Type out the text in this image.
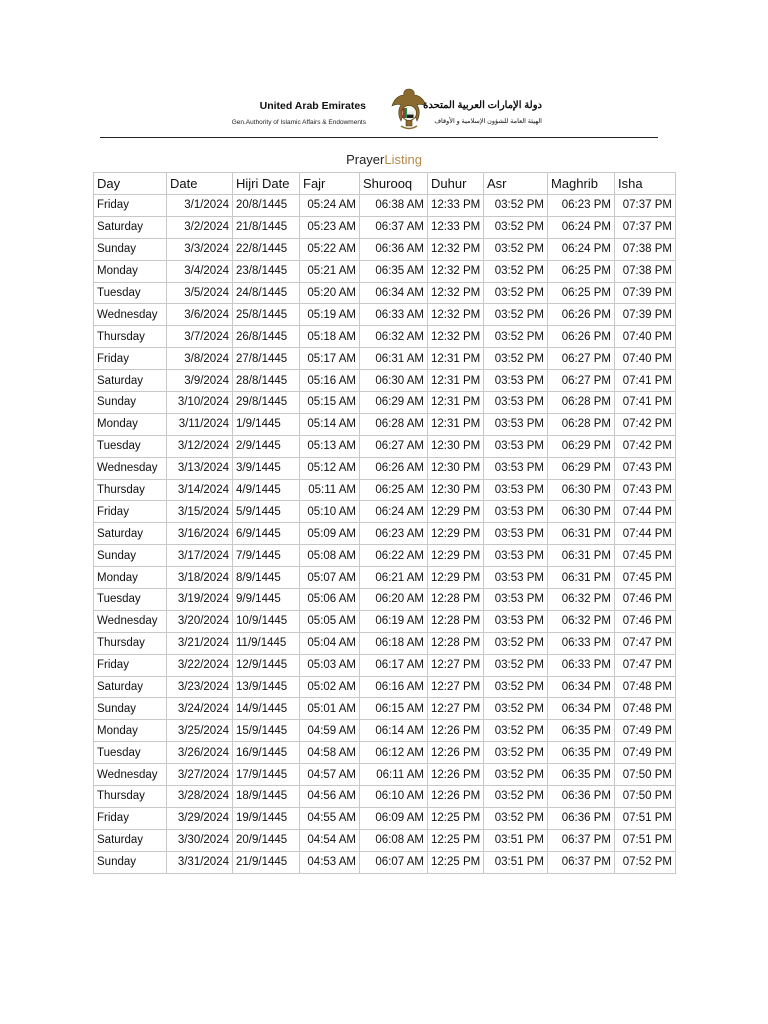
United Arab Emirates
Gen.Authority of Islamic Affairs & Endowments
دولة الإمارات العربية المتحدة
الهيئة العامة للشؤون الإسلامية و الأوقاف
PrayerListing
Day	Date	Hijri Date	Fajr	Shurooq	Duhur	Asr	Maghrib	Isha
Friday	3/1/2024	20/8/1445	05:24 AM	06:38 AM	12:33 PM	03:52 PM	06:23 PM	07:37 PM
Saturday	3/2/2024	21/8/1445	05:23 AM	06:37 AM	12:33 PM	03:52 PM	06:24 PM	07:37 PM
Sunday	3/3/2024	22/8/1445	05:22 AM	06:36 AM	12:32 PM	03:52 PM	06:24 PM	07:38 PM
Monday	3/4/2024	23/8/1445	05:21 AM	06:35 AM	12:32 PM	03:52 PM	06:25 PM	07:38 PM
Tuesday	3/5/2024	24/8/1445	05:20 AM	06:34 AM	12:32 PM	03:52 PM	06:25 PM	07:39 PM
Wednesday	3/6/2024	25/8/1445	05:19 AM	06:33 AM	12:32 PM	03:52 PM	06:26 PM	07:39 PM
Thursday	3/7/2024	26/8/1445	05:18 AM	06:32 AM	12:32 PM	03:52 PM	06:26 PM	07:40 PM
Friday	3/8/2024	27/8/1445	05:17 AM	06:31 AM	12:31 PM	03:52 PM	06:27 PM	07:40 PM
Saturday	3/9/2024	28/8/1445	05:16 AM	06:30 AM	12:31 PM	03:53 PM	06:27 PM	07:41 PM
Sunday	3/10/2024	29/8/1445	05:15 AM	06:29 AM	12:31 PM	03:53 PM	06:28 PM	07:41 PM
Monday	3/11/2024	1/9/1445	05:14 AM	06:28 AM	12:31 PM	03:53 PM	06:28 PM	07:42 PM
Tuesday	3/12/2024	2/9/1445	05:13 AM	06:27 AM	12:30 PM	03:53 PM	06:29 PM	07:42 PM
Wednesday	3/13/2024	3/9/1445	05:12 AM	06:26 AM	12:30 PM	03:53 PM	06:29 PM	07:43 PM
Thursday	3/14/2024	4/9/1445	05:11 AM	06:25 AM	12:30 PM	03:53 PM	06:30 PM	07:43 PM
Friday	3/15/2024	5/9/1445	05:10 AM	06:24 AM	12:29 PM	03:53 PM	06:30 PM	07:44 PM
Saturday	3/16/2024	6/9/1445	05:09 AM	06:23 AM	12:29 PM	03:53 PM	06:31 PM	07:44 PM
Sunday	3/17/2024	7/9/1445	05:08 AM	06:22 AM	12:29 PM	03:53 PM	06:31 PM	07:45 PM
Monday	3/18/2024	8/9/1445	05:07 AM	06:21 AM	12:29 PM	03:53 PM	06:31 PM	07:45 PM
Tuesday	3/19/2024	9/9/1445	05:06 AM	06:20 AM	12:28 PM	03:53 PM	06:32 PM	07:46 PM
Wednesday	3/20/2024	10/9/1445	05:05 AM	06:19 AM	12:28 PM	03:53 PM	06:32 PM	07:46 PM
Thursday	3/21/2024	11/9/1445	05:04 AM	06:18 AM	12:28 PM	03:52 PM	06:33 PM	07:47 PM
Friday	3/22/2024	12/9/1445	05:03 AM	06:17 AM	12:27 PM	03:52 PM	06:33 PM	07:47 PM
Saturday	3/23/2024	13/9/1445	05:02 AM	06:16 AM	12:27 PM	03:52 PM	06:34 PM	07:48 PM
Sunday	3/24/2024	14/9/1445	05:01 AM	06:15 AM	12:27 PM	03:52 PM	06:34 PM	07:48 PM
Monday	3/25/2024	15/9/1445	04:59 AM	06:14 AM	12:26 PM	03:52 PM	06:35 PM	07:49 PM
Tuesday	3/26/2024	16/9/1445	04:58 AM	06:12 AM	12:26 PM	03:52 PM	06:35 PM	07:49 PM
Wednesday	3/27/2024	17/9/1445	04:57 AM	06:11 AM	12:26 PM	03:52 PM	06:35 PM	07:50 PM
Thursday	3/28/2024	18/9/1445	04:56 AM	06:10 AM	12:26 PM	03:52 PM	06:36 PM	07:50 PM
Friday	3/29/2024	19/9/1445	04:55 AM	06:09 AM	12:25 PM	03:52 PM	06:36 PM	07:51 PM
Saturday	3/30/2024	20/9/1445	04:54 AM	06:08 AM	12:25 PM	03:51 PM	06:37 PM	07:51 PM
Sunday	3/31/2024	21/9/1445	04:53 AM	06:07 AM	12:25 PM	03:51 PM	06:37 PM	07:52 PM
